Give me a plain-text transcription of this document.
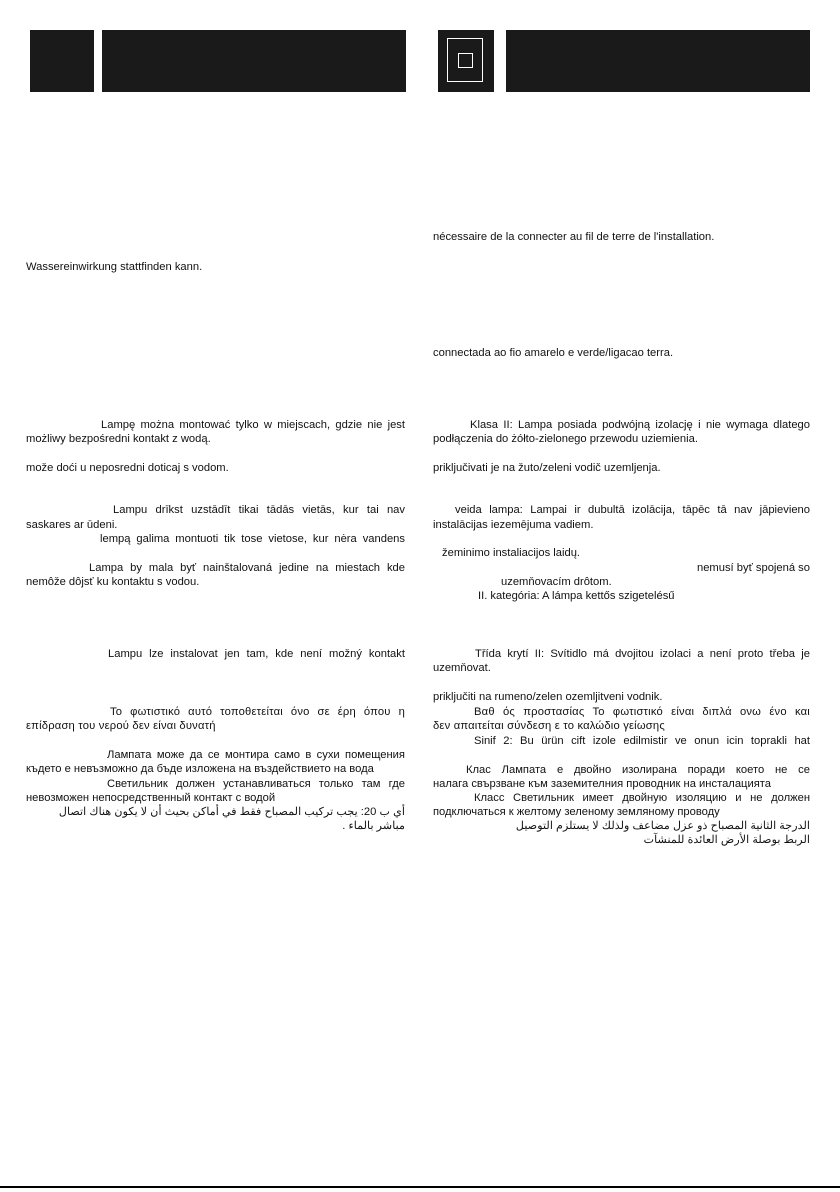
Wassereinwirkung stattfinden kann.
Lampę można montować tylko w miejscach, gdzie nie jest
możliwy bezpośredni kontakt z wodą.
može doći u neposredni doticaj s vodom.
Lampu drīkst uzstādīt tikai tādās vietās, kur tai nav
saskares ar ūdeni.
lempą galima montuoti tik tose vietose, kur nėra vandens
Lampa by mala byť nainštalovaná jedine na miestach kde
nemôže dôjsť ku kontaktu s vodou.
Lampu lze instalovat jen tam, kde není možný kontakt
Το φωτιστικό αυτό τοποθετείται όνο σε έρη όπου η
επίδραση του νερού δεν είναι δυνατή
Лампата може да се монтира само в сухи помещения
където е невъзможно да бъде изложена на въздействието на вода
Светильник должен устанавливаться только там где
невозможен непосредственный контакт с водой
أي ب 20: يجب تركيب المصباح فقط في أماكن بحيث أن لا يكون هناك اتصال
مباشر بالماء .
nécessaire de la connecter au fil de terre de l'installation.
connectada ao fio amarelo e verde/ligacao terra.
Klasa II: Lampa posiada podwójną izolację i nie wymaga dlatego
podłączenia do żółto-zielonego przewodu uziemienia.
priključivati je na žuto/zeleni vodič uzemljenja.
veida lampa: Lampai ir dubultā izolācija, tāpēc tā nav jāpievieno
instalācijas iezemējuma vadiem.
žeminimo instaliacijos laidų.
nemusí byť spojená so
uzemňovacím drôtom.
II. kategória: A lámpa kettős szigetelésű
Třída krytí II: Svítidlo má dvojitou izolaci a není proto třeba je
uzemňovat.
priključiti na rumeno/zelen ozemljitveni vodnik.
Βαθ ός προστασίας Το φωτιστικό είναι διπλά ονω ένο και
δεν απαιτείται σύνδεση ε το καλώδιο γείωσης
Sinif 2: Bu ürün cift izole edilmistir ve onun icin toprakli hat
Клас Лампата е двойно изолирана поради което не се
налага свързване към заземителния проводник на инсталацията
Класс Светильник имеет двойную изоляцию и не должен
подключаться к желтому зеленому земляному проводу
الدرجة الثانية المصباح ذو عزل مضاعف ولذلك لا يستلزم التوصيل
الربط بوصلة الأرض العائدة للمنشآت
